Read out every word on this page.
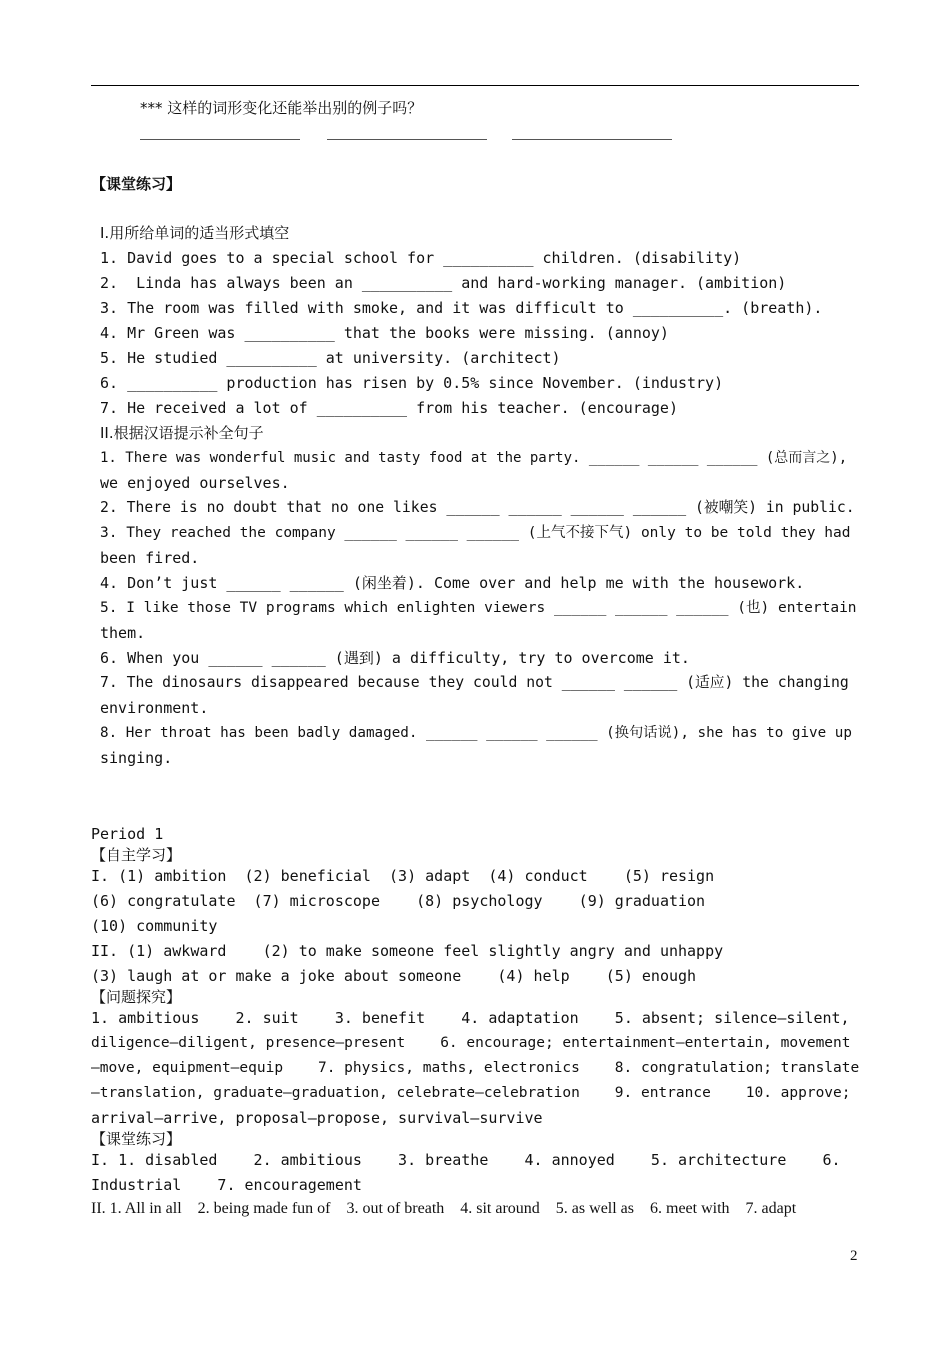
*** 这样的词形变化还能举出别的例子吗？
【课堂练习】
I.用所给单词的适当形式填空
1. David goes to a special school for __________ children. (disability)
2.  Linda has always been an __________ and hard-working manager. (ambition)
3. The room was filled with smoke, and it was difficult to __________. (breath).
4. Mr Green was __________ that the books were missing. (annoy)
5. He studied __________ at university. (architect)
6. __________ production has risen by 0.5% since November. (industry)
7. He received a lot of __________ from his teacher. (encourage)
II.根据汉语提示补全句子
1. There was wonderful music and tasty food at the party. ______ ______ ______ (总而言之),
we enjoyed ourselves.
2. There is no doubt that no one likes ______ ______ ______ ______ (被嘲笑) in public.
3. They reached the company ______ ______ ______ (上气不接下气) only to be told they had
been fired.
4. Don’t just ______ ______ (闲坐着). Come over and help me with the housework.
5. I like those TV programs which enlighten viewers ______ ______ ______ (也) entertain
them.
6. When you ______ ______ (遇到) a difficulty, try to overcome it.
7. The dinosaurs disappeared because they could not ______ ______ (适应) the changing
environment.
8. Her throat has been badly damaged. ______ ______ ______ (换句话说), she has to give up
singing.
Period 1
【自主学习】
I. (1) ambition  (2) beneficial  (3) adapt  (4) conduct    (5) resign
(6) congratulate  (7) microscope    (8) psychology    (9) graduation
(10) community
II. (1) awkward    (2) to make someone feel slightly angry and unhappy
(3) laugh at or make a joke about someone    (4) help    (5) enough
【问题探究】
1. ambitious    2. suit    3. benefit    4. adaptation    5. absent; silence—silent,
diligence—diligent, presence—present    6. encourage; entertainment—entertain, movement
—move, equipment—equip    7. physics, maths, electronics    8. congratulation; translate
—translation, graduate—graduation, celebrate—celebration    9. entrance    10. approve;
arrival—arrive, proposal—propose, survival—survive
【课堂练习】
I. 1. disabled    2. ambitious    3. breathe    4. annoyed    5. architecture    6.
Industrial    7. encouragement
II. 1. All in all    2. being made fun of    3. out of breath    4. sit around    5. as well as    6. meet with    7. adapt
2
